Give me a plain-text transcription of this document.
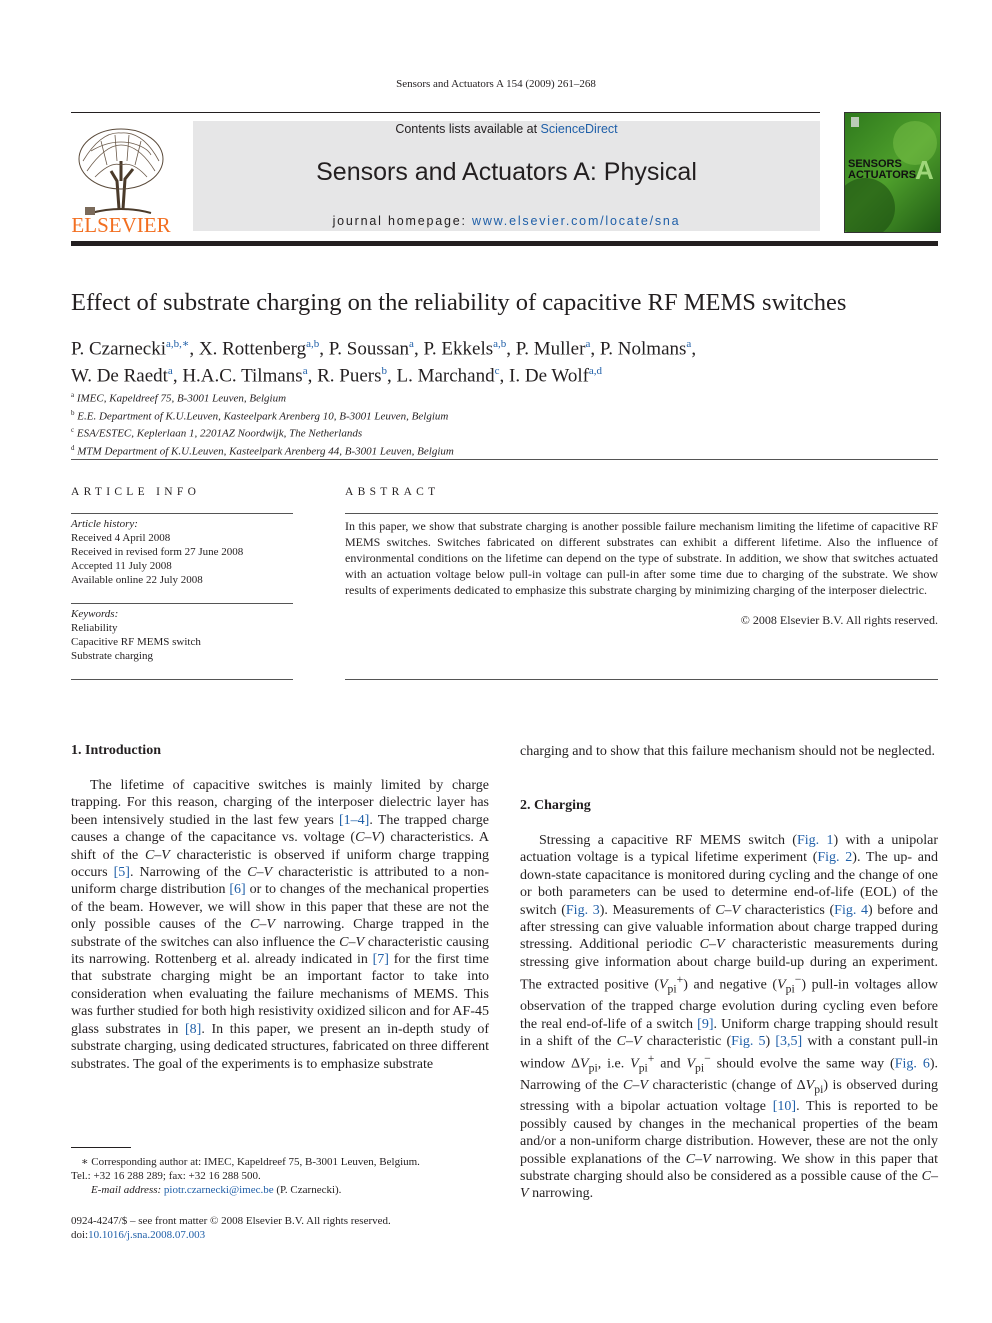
Sensors and Actuators A 154 (2009) 261–268
ELSEVIER
Contents lists available at ScienceDirect
Sensors and Actuators A: Physical
journal homepage: www.elsevier.com/locate/sna
SENSORS
ACTUATORS
A
Effect of substrate charging on the reliability of capacitive RF MEMS switches
P. Czarnecki$^{a,b,∗}$, X. Rottenberg$^{a,b}$, P. Soussan$^a$, P. Ekkels$^{a,b}$, P. Muller$^a$, P. Nolmans$^a$,
W. De Raedt$^a$, H.A.C. Tilmans$^a$, R. Puers$^b$, L. Marchand$^c$, I. De Wolf$^{a,d}$
$^a$ IMEC, Kapeldreef 75, B-3001 Leuven, Belgium
$^b$ E.E. Department of K.U.Leuven, Kasteelpark Arenberg 10, B-3001 Leuven, Belgium
$^c$ ESA/ESTEC, Keplerlaan 1, 2201AZ Noordwijk, The Netherlands
$^d$ MTM Department of K.U.Leuven, Kasteelpark Arenberg 44, B-3001 Leuven, Belgium
ARTICLE INFO
Article history:
Received 4 April 2008
Received in revised form 27 June 2008
Accepted 11 July 2008
Available online 22 July 2008
Keywords:
Reliability
Capacitive RF MEMS switch
Substrate charging
ABSTRACT
In this paper, we show that substrate charging is another possible failure mechanism limiting the lifetime of capacitive RF MEMS switches. Switches fabricated on different substrates can exhibit a different lifetime. Also the influence of environmental conditions on the lifetime can depend on the type of substrate. In addition, we show that switches actuated with an actuation voltage below pull-in voltage can pull-in after some time due to charging of the substrate. We show results of experiments dedicated to emphasize this substrate charging by minimizing charging of the interposer dielectric.
© 2008 Elsevier B.V. All rights reserved.
1. Introduction
The lifetime of capacitive switches is mainly limited by charge trapping. For this reason, charging of the interposer dielectric layer has been intensively studied in the last few years [1–4]. The trapped charge causes a change of the capacitance vs. voltage (C–V) characteristics. A shift of the C–V characteristic is observed if uniform charge trapping occurs [5]. Narrowing of the C–V characteristic is attributed to a non-uniform charge distribution [6] or to changes of the mechanical properties of the beam. However, we will show in this paper that these are not the only possible causes of the C–V narrowing. Charge trapped in the substrate of the switches can also influence the C–V characteristic causing its narrowing. Rottenberg et al. already indicated in [7] for the first time that substrate charging might be an important factor to take into consideration when evaluating the failure mechanisms of MEMS. This was further studied for both high resistivity oxidized silicon and for AF-45 glass substrates in [8]. In this paper, we present an in-depth study of substrate charging, using dedicated structures, fabricated on three different substrates. The goal of the experiments is to emphasize substrate
∗ Corresponding author at: IMEC, Kapeldreef 75, B-3001 Leuven, Belgium.
Tel.: +32 16 288 289; fax: +32 16 288 500.
E-mail address: piotr.czarnecki@imec.be (P. Czarnecki).
0924-4247/$ – see front matter © 2008 Elsevier B.V. All rights reserved.
doi:10.1016/j.sna.2008.07.003
charging and to show that this failure mechanism should not be neglected.
2. Charging
Stressing a capacitive RF MEMS switch (Fig. 1) with a unipolar actuation voltage is a typical lifetime experiment (Fig. 2). The up- and down-state capacitance is monitored during cycling and the change of one or both parameters can be used to determine end-of-life (EOL) of the switch (Fig. 3). Measurements of C–V characteristics (Fig. 4) before and after stressing can give valuable information about charge trapped during stressing. Additional periodic C–V characteristic measurements during stressing give information about charge build-up during an experiment. The extracted positive $(V_{pi}^+)$ and negative $(V_{pi}^-)$ pull-in voltages allow observation of the trapped charge evolution during cycling even before the real end-of-life of a switch [9]. Uniform charge trapping should result in a shift of the C–V characteristic (Fig. 5) [3,5] with a constant pull-in window $\Delta V_{pi}$, i.e. $V_{pi}^+$ and $V_{pi}^-$ should evolve the same way (Fig. 6). Narrowing of the C–V characteristic (change of $\Delta V_{pi}$) is observed during stressing with a bipolar actuation voltage [10]. This is reported to be possibly caused by changes in the mechanical properties of the beam and/or a non-uniform charge distribution. However, these are not the only possible explanations of the C–V narrowing. We show in this paper that substrate charging should also be considered as a possible cause of the C–V narrowing.
